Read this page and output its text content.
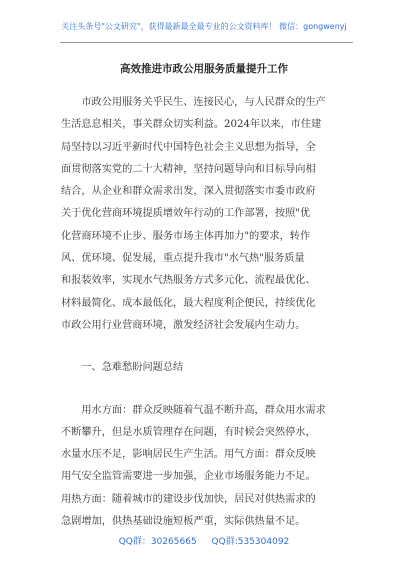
关注头条号"公文研究"，获得最新最全最专业的公文资料库！ 微信：gongwenyj
高效推进市政公用服务质量提升工作
　　市政公用服务关乎民生、连接民心，与人民群众的生产
生活息息相关，事关群众切实利益。2024年以来，市住建
局坚持以习近平新时代中国特色社会主义思想为指导，全
面贯彻落实党的二十大精神，坚持问题导向和目标导向相
结合，从企业和群众需求出发，深入贯彻落实市委市政府
关于优化营商环境提质增效年行动的工作部署，按照"优
化营商环境不止步、服务市场主体再加力"的要求，转作
风、优环境、促发展，重点提升我市"水气热"服务质量
和报装效率，实现水气热服务方式多元化、流程最优化、
材料最简化、成本最低化，最大程度利企便民，持续优化
市政公用行业营商环境，激发经济社会发展内生动力。
　　一、急难愁盼问题总结
　　用水方面：群众反映随着气温不断升高，群众用水需求
不断攀升，但是水质管理存在问题，有时候会突然停水，
水量水压不足，影响居民生产生活。用气方面：群众反映
用气安全监管需要进一步加强，企业市场服务能力不足。
用热方面：随着城市的建设步伐加快，居民对供热需求的
急剧增加，供热基础设施短板严重，实际供热量不足。
QQ群：30265665 QQ群:535304092
